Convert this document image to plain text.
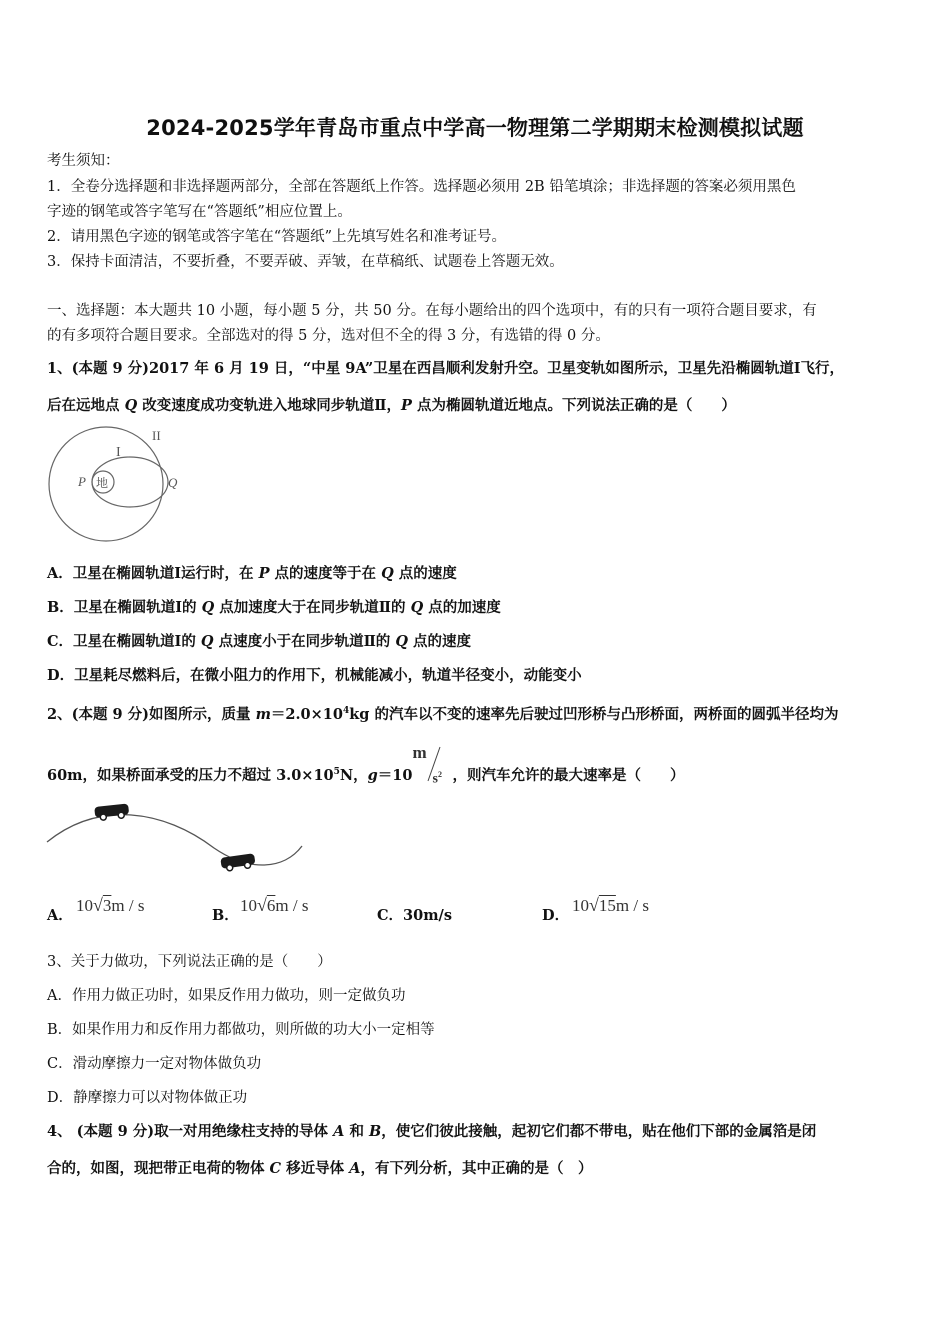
2024-2025学年青岛市重点中学高一物理第二学期期末检测模拟试题
考生须知：
1．全卷分选择题和非选择题两部分，全部在答题纸上作答。选择题必须用 2B 铅笔填涂；非选择题的答案必须用黑色
字迹的钢笔或答字笔写在“答题纸”相应位置上。
2．请用黑色字迹的钢笔或答字笔在“答题纸”上先填写姓名和准考证号。
3．保持卡面清洁，不要折叠，不要弄破、弄皱，在草稿纸、试题卷上答题无效。
一、选择题：本大题共 10 小题，每小题 5 分，共 50 分。在每小题给出的四个选项中，有的只有一项符合题目要求，有
的有多项符合题目要求。全部选对的得 5 分，选对但不全的得 3 分，有选错的得 0 分。
1、(本题 9 分)2017 年 6 月 19 日，“中星 9A”卫星在西昌顺利发射升空。卫星变轨如图所示，卫星先沿椭圆轨道Ⅰ飞行，
后在远地点 Q 改变速度成功变轨进入地球同步轨道Ⅱ，P 点为椭圆轨道近地点。下列说法正确的是（　　）
地
I
II
P	Q
A．卫星在椭圆轨道Ⅰ运行时，在 P 点的速度等于在 Q 点的速度
B．卫星在椭圆轨道Ⅰ的 Q 点加速度大于在同步轨道Ⅱ的 Q 点的加速度
C．卫星在椭圆轨道Ⅰ的 Q 点速度小于在同步轨道Ⅱ的 Q 点的速度
D．卫星耗尽燃料后，在微小阻力的作用下，机械能减小，轨道半径变小，动能变小
2、(本题 9 分)如图所示，质量 $m=2.0\times 10^4kg$ 的汽车以不变的速率先后驶过凹形桥与凸形桥面，两桥面的圆弧半径均为
60m，如果桥面承受的压力不超过 $3.0\times 10^5N$，g＝10
m
$s^2$ ，则汽车允许的最大速率是（　　）
A．
10√3m / s
B．
10√6m / s
C．30m/s	D．
10√15m / s
3、关于力做功，下列说法正确的是（　　）
A．作用力做正功时，如果反作用力做功，则一定做负功
B．如果作用力和反作用力都做功，则所做的功大小一定相等
C．滑动摩擦力一定对物体做负功
D．静摩擦力可以对物体做正功
4、 (本题 9 分)取一对用绝缘柱支持的导体 A 和 B，使它们彼此接触，起初它们都不带电，贴在他们下部的金属箔是闭
合的，如图，现把带正电荷的物体 C 移近导体 A，有下列分析，其中正确的是（　）
